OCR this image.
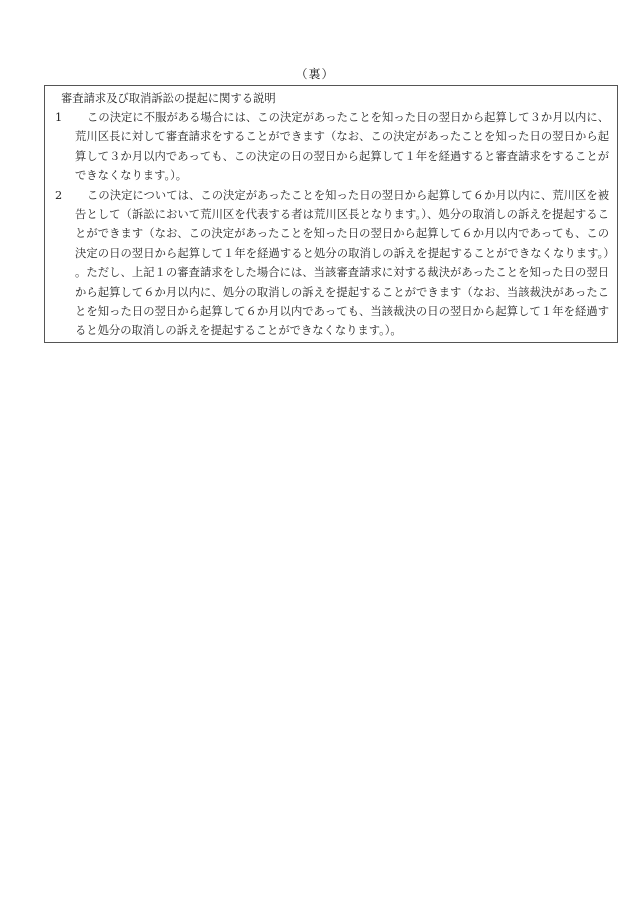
（裏）

審査請求及び取消訴訟の提起に関する説明

1	この決定に不服がある場合には、この決定があったことを知った日の翌日から起算して３か月以内に、荒川区長に対して審査請求をすることができます（なお、この決定があったことを知った日の翌日から起算して３か月以内であっても、この決定の日の翌日から起算して１年を経過すると審査請求をすることができなくなります。）。
2	この決定については、この決定があったことを知った日の翌日から起算して６か月以内に、荒川区を被告として（訴訟において荒川区を代表する者は荒川区長となります。）、処分の取消しの訴えを提起することができます（なお、この決定があったことを知った日の翌日から起算して６か月以内であっても、この決定の日の翌日から起算して１年を経過すると処分の取消しの訴えを提起することができなくなります。）。ただし、上記１の審査請求をした場合には、当該審査請求に対する裁決があったことを知った日の翌日から起算して６か月以内に、処分の取消しの訴えを提起することができます（なお、当該裁決があったことを知った日の翌日から起算して６か月以内であっても、当該裁決の日の翌日から起算して１年を経過すると処分の取消しの訴えを提起することができなくなります。）。
